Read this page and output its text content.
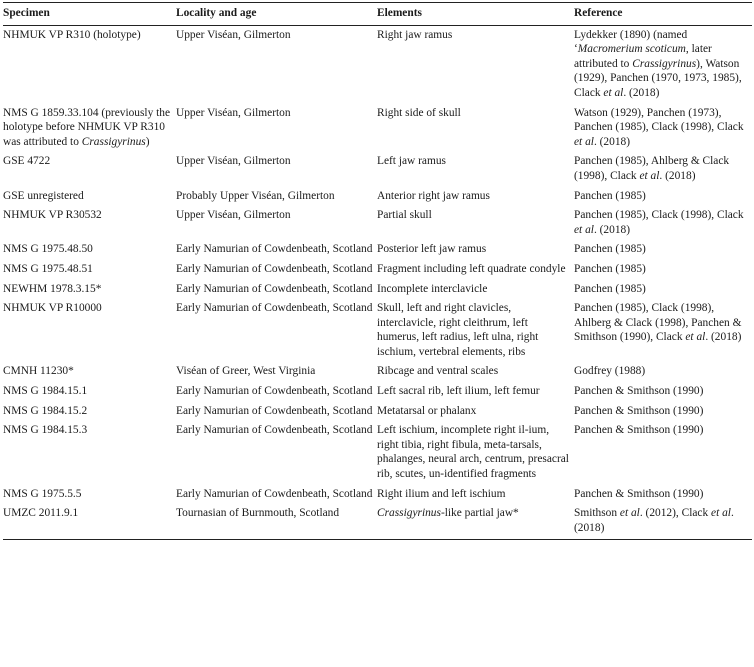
Specimen	Locality and age	Elements	Reference
NHMUK VP R310 (holotype)	Upper Viséan, Gilmerton	Right jaw ramus	Lydekker (1890) (named ‘Macromerium scoticum, later attributed to Crassigyrinus), Watson (1929), Panchen (1970, 1973, 1985), Clack et al. (2018)
NMS G 1859.33.104 (previously the holotype before NHMUK VP R310 was attributed to Crassigyrinus)	Upper Viséan, Gilmerton	Right side of skull	Watson (1929), Panchen (1973), Panchen (1985), Clack (1998), Clack et al. (2018)
GSE 4722	Upper Viséan, Gilmerton	Left jaw ramus	Panchen (1985), Ahlberg & Clack (1998), Clack et al. (2018)
GSE unregistered	Probably Upper Viséan, Gilmerton	Anterior right jaw ramus	Panchen (1985)
NHMUK VP R30532	Upper Viséan, Gilmerton	Partial skull	Panchen (1985), Clack (1998), Clack et al. (2018)
NMS G 1975.48.50	Early Namurian of Cowdenbeath, Scotland	Posterior left jaw ramus	Panchen (1985)
NMS G 1975.48.51	Early Namurian of Cowdenbeath, Scotland	Fragment including left quadrate condyle	Panchen (1985)
NEWHM 1978.3.15*	Early Namurian of Cowdenbeath, Scotland	Incomplete interclavicle	Panchen (1985)
NHMUK VP R10000	Early Namurian of Cowdenbeath, Scotland	Skull, left and right clavicles, interclavicle, right cleithrum, left humerus, left radius, left ulna, right ischium, vertebral elements, ribs	Panchen (1985), Clack (1998), Ahlberg & Clack (1998), Panchen & Smithson (1990), Clack et al. (2018)
CMNH 11230*	Viséan of Greer, West Virginia	Ribcage and ventral scales	Godfrey (1988)
NMS G 1984.15.1	Early Namurian of Cowdenbeath, Scotland	Left sacral rib, left ilium, left femur	Panchen & Smithson (1990)
NMS G 1984.15.2	Early Namurian of Cowdenbeath, Scotland	Metatarsal or phalanx	Panchen & Smithson (1990)
NMS G 1984.15.3	Early Namurian of Cowdenbeath, Scotland	Left ischium, incomplete right il-ium, right tibia, right fibula, meta-tarsals, phalanges, neural arch, centrum, presacral rib, scutes, un-identified fragments	Panchen & Smithson (1990)
NMS G 1975.5.5	Early Namurian of Cowdenbeath, Scotland	Right ilium and left ischium	Panchen & Smithson (1990)
UMZC 2011.9.1	Tournasian of Burnmouth, Scotland	Crassigyrinus-like partial jaw*	Smithson et al. (2012), Clack et al. (2018)
